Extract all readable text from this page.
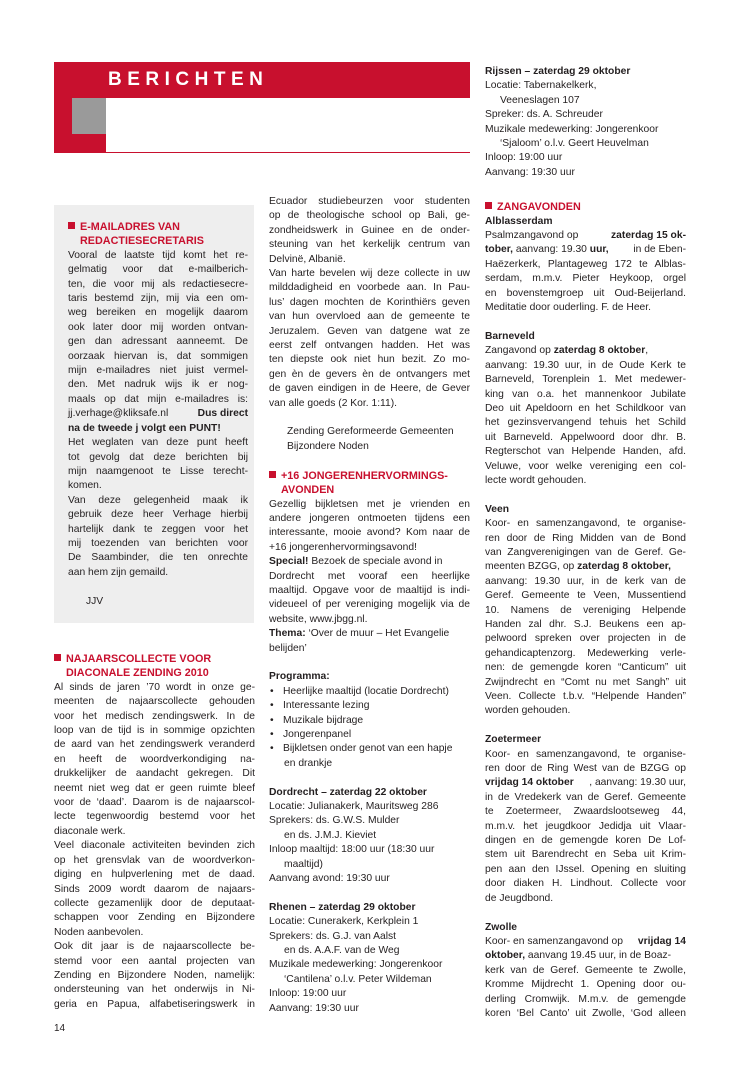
BERICHTEN
E-MAILADRES VAN
REDACTIESECRETARIS

Vooral de laatste tijd komt het re-

gelmatig voor dat e-mailberich-

ten, die voor mij als redactiesecre-

taris bestemd zijn, mij via een om-

weg bereiken en mogelijk daarom

ook later door mij worden ontvan-

gen dan adressant aanneemt. De

oorzaak hiervan is, dat sommigen

mijn e-mailadres niet juist vermel-

den. Met nadruk wijs ik er nog-

maals op dat mijn e-mailadres is:

jj.verhage@kliksafe.nl	Dus direct

na de tweede j volgt een PUNT!

Het weglaten van deze punt heeft

tot gevolg dat deze berichten bij

mijn naamgenoot te Lisse terecht-

komen.

Van deze gelegenheid maak ik

gebruik deze heer Verhage hierbij

hartelijk dank te zeggen voor het

mij toezenden van berichten voor

De Saambinder, die ten onrechte

aan hem zijn gemaild.

JJV

NAJAARSCOLLECTE VOOR
DIACONALE ZENDING 2010

Al sinds de jaren ’70 wordt in onze ge-

meenten de najaarscollecte gehouden

voor het medisch zendingswerk. In de

loop van de tijd is in sommige opzichten

de aard van het zendingswerk veranderd

en heeft de woordverkondiging na-

drukkelijker de aandacht gekregen. Dit

neemt niet weg dat er geen ruimte bleef

voor de ‘daad’. Daarom is de najaarscol-

lecte tegenwoordig bestemd voor het

diaconale werk.

Veel diaconale activiteiten bevinden zich

op het grensvlak van de woordverkon-

diging en hulpverlening met de daad.

Sinds 2009 wordt daarom de najaars-

collecte gezamenlijk door de deputaat-

schappen voor Zending en Bijzondere

Noden aanbevolen.

Ook dit jaar is de najaarscollecte be-

stemd voor een aantal projecten van

Zending en Bijzondere Noden, namelijk:

ondersteuning van het onderwijs in Ni-

geria en Papua, alfabetiseringswerk in

Ecuador studiebeurzen voor studenten

op de theologische school op Bali, ge-

zondheidswerk in Guinee en de onder-

steuning van het kerkelijk centrum van

Delvinë, Albanië.

Van harte bevelen wij deze collecte in uw

milddadigheid en voorbede aan. In Pau-

lus’ dagen mochten de Korinthiërs geven

van hun overvloed aan de gemeente te

Jeruzalem. Geven van datgene wat ze

eerst zelf ontvangen hadden. Het was

ten diepste ook niet hun bezit. Zo mo-

gen èn de gevers èn de ontvangers met

de gaven eindigen in de Heere, de Gever

van alle goeds (2 Kor. 1:11).

Zending Gereformeerde Gemeenten

Bijzondere Noden

+16 JONGERENHERVORMINGS-
AVONDEN

Gezellig bijkletsen met je vrienden en

andere jongeren ontmoeten tijdens een

interessante, mooie avond? Kom naar de

+16 jongerenhervormingsavond!

Special! Bezoek de speciale avond in

Dordrecht met vooraf een heerlijke

maaltijd. Opgave voor de maaltijd is indi-

videueel of per vereniging mogelijk via de

website, www.jbgg.nl.

Thema: ‘Over de muur – Het Evangelie

belijden’

Programma:

• Heerlijke maaltijd (locatie Dordrecht)
• Interessante lezing
• Muzikale bijdrage
• Jongerenpanel
• Bijkletsen onder genot van een hapje

en drankje

Dordrecht – zaterdag 22 oktober

Locatie: Julianakerk, Mauritsweg 286

Sprekers: ds. G.W.S. Mulder

en ds. J.M.J. Kieviet

Inloop maaltijd: 18:00 uur (18:30 uur

maaltijd)

Aanvang avond: 19:30 uur

Rhenen – zaterdag 29 oktober

Locatie: Cunerakerk, Kerkplein 1

Sprekers: ds. G.J. van Aalst

en ds. A.A.F. van de Weg

Muzikale medewerking: Jongerenkoor

‘Cantilena’ o.l.v. Peter Wildeman

Inloop: 19:00 uur

Aanvang: 19:30 uur

Rijssen – zaterdag 29 oktober

Locatie: Tabernakelkerk,

Veeneslagen 107

Spreker: ds. A. Schreuder

Muzikale medewerking: Jongerenkoor

‘Sjaloom’ o.l.v. Geert Heuvelman

Inloop: 19:00 uur

Aanvang: 19:30 uur

ZANGAVONDEN

Alblasserdam

Psalmzangavond op	zaterdag 15 ok-

tober, aanvang: 19.30 uur, in de Eben-

Haëzerkerk, Plantageweg 172 te Alblas-

serdam, m.m.v. Pieter Heykoop, orgel

en bovenstemgroep uit Oud-Beijerland.

Meditatie door ouderling. F. de Heer.

Barneveld

Zangavond op zaterdag 8 oktober,

aanvang: 19.30 uur, in de Oude Kerk te

Barneveld, Torenplein 1. Met medewer-

king van o.a. het mannenkoor Jubilate

Deo uit Apeldoorn en het Schildkoor van

het gezinsvervangend tehuis het Schild

uit Barneveld. Appelwoord door dhr. B.

Regterschot van Helpende Handen, afd.

Veluwe, voor welke vereniging een col-

lecte wordt gehouden.

Veen

Koor- en samenzangavond, te organise-

ren door de Ring Midden van de Bond

van Zangverenigingen van de Geref. Ge-

meenten BZGG, op zaterdag 8 oktober,

aanvang: 19.30 uur, in de kerk van de

Geref. Gemeente te Veen, Mussentiend

10. Namens de vereniging Helpende

Handen zal dhr. S.J. Beukens een ap-

pelwoord spreken over projecten in de

gehandicaptenzorg. Medewerking verle-

nen: de gemengde koren “Canticum” uit

Zwijndrecht en “Comt nu met Sangh” uit

Veen. Collecte t.b.v. “Helpende Handen”

worden gehouden.

Zoetermeer

Koor- en samenzangavond, te organise-

ren door de Ring West van de BZGG op

vrijdag 14 oktober , aanvang: 19.30 uur,

in de Vredekerk van de Geref. Gemeente

te Zoetermeer, Zwaardslootseweg 44,

m.m.v. het jeugdkoor Jedidja uit Vlaar-

dingen en de gemengde koren De Lof-

stem uit Barendrecht en Seba uit Krim-

pen aan den IJssel. Opening en sluiting

door diaken H. Lindhout. Collecte voor

de Jeugdbond.

Zwolle

Koor- en samenzangavond op vrijdag 14

oktober, aanvang 19.45 uur, in de Boaz-

kerk van de Geref. Gemeente te Zwolle,

Kromme Mijdrecht 1. Opening door ou-

derling Cromwijk. M.m.v. de gemengde

koren ‘Bel Canto’ uit Zwolle, ‘God alleen

14
